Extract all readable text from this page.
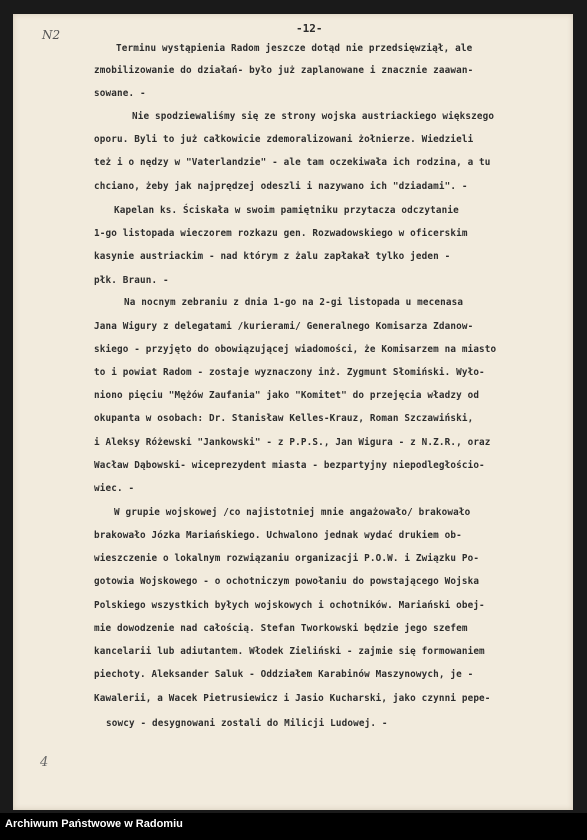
N2	-12-
Terminu wystąpienia Radom jeszcze dotąd nie przedsięwziął, ale
zmobilizowanie do działań- było już zaplanowane i znacznie zaawan-
sowane. -
Nie spodziewaliśmy się ze strony wojska austriackiego większego
oporu. Byli to już całkowicie zdemoralizowani żołnierze. Wiedzieli
też i o nędzy w "Vaterlandzie" - ale tam oczekiwała ich rodzina, a tu
chciano, żeby jak najprędzej odeszli i nazywano ich "dziadami". -
Kapelan ks. Ściskała w swoim pamiętniku przytacza odczytanie
1-go listopada wieczorem rozkazu gen. Rozwadowskiego w oficerskim
kasynie austriackim - nad którym z żalu zapłakał tylko jeden -
płk. Braun. -
Na nocnym zebraniu z dnia 1-go na 2-gi listopada u mecenasa
Jana Wigury z delegatami /kurierami/ Generalnego Komisarza Zdanow-
skiego - przyjęto do obowiązującej wiadomości, że Komisarzem na miasto
to i powiat Radom - zostaje wyznaczony inż. Zygmunt Słomiński. Wyło-
niono pięciu "Mężów Zaufania" jako "Komitet" do przejęcia władzy od
okupanta w osobach: Dr. Stanisław Kelles-Krauz, Roman Szczawiński,
i Aleksy Różewski "Jankowski" - z P.P.S., Jan Wigura - z N.Z.R., oraz
Wacław Dąbowski- wiceprezydent miasta - bezpartyjny niepodległościo-
wiec. -
W grupie wojskowej /co najistotniej mnie angażowało/ brakowało
brakowało Józka Mariańskiego. Uchwalono jednak wydać drukiem ob-
wieszczenie o lokalnym rozwiązaniu organizacji P.O.W. i Związku Po-
gotowia Wojskowego - o ochotniczym powołaniu do powstającego Wojska
Polskiego wszystkich byłych wojskowych i ochotników. Mariański obej-
mie dowodzenie nad całością. Stefan Tworkowski będzie jego szefem
kancelarii lub adiutantem. Włodek Zieliński - zajmie się formowaniem
piechoty. Aleksander Saluk - Oddziałem Karabinów Maszynowych, je -
Kawalerii, a Wacek Pietrusiewicz i Jasio Kucharski, jako czynni pepe-
sowcy - desygnowani zostali do Milicji Ludowej. -
4
Archiwum Państwowe w Radomiu
